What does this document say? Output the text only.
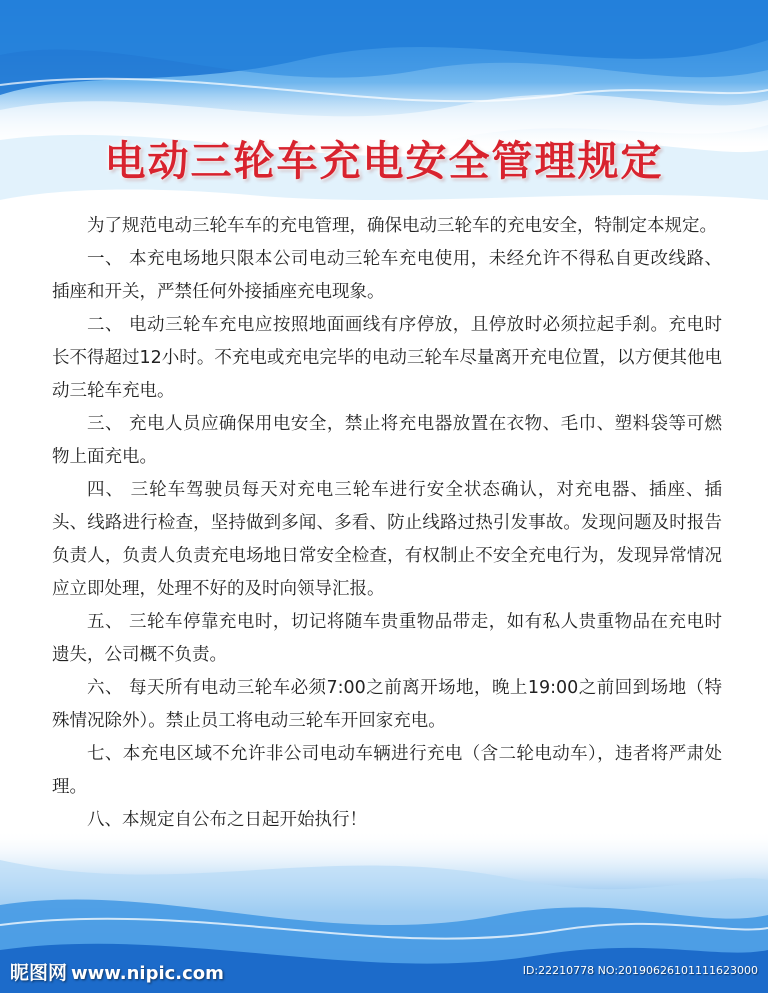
电动三轮车充电安全管理规定

为了规范电动三轮车车的充电管理，确保电动三轮车的充电安全，特制定本规定。

一、 本充电场地只限本公司电动三轮车充电使用，未经允许不得私自更改线路、插座和开关，严禁任何外接插座充电现象。

二、 电动三轮车充电应按照地面画线有序停放，且停放时必须拉起手刹。充电时长不得超过12小时。不充电或充电完毕的电动三轮车尽量离开充电位置，以方便其他电动三轮车充电。

三、 充电人员应确保用电安全，禁止将充电器放置在衣物、毛巾、塑料袋等可燃物上面充电。

四、 三轮车驾驶员每天对充电三轮车进行安全状态确认，对充电器、插座、插头、线路进行检查，坚持做到多闻、多看、防止线路过热引发事故。发现问题及时报告负责人，负责人负责充电场地日常安全检查，有权制止不安全充电行为，发现异常情况应立即处理，处理不好的及时向领导汇报。

五、 三轮车停靠充电时，切记将随车贵重物品带走，如有私人贵重物品在充电时遗失，公司概不负责。

六、 每天所有电动三轮车必须7:00之前离开场地，晚上19:00之前回到场地（特殊情况除外）。禁止员工将电动三轮车开回家充电。

七、本充电区域不允许非公司电动车辆进行充电（含二轮电动车），违者将严肃处理。

八、本规定自公布之日起开始执行！

昵图网 www.nipic.com	ID:22210778 NO:20190626101111623000
